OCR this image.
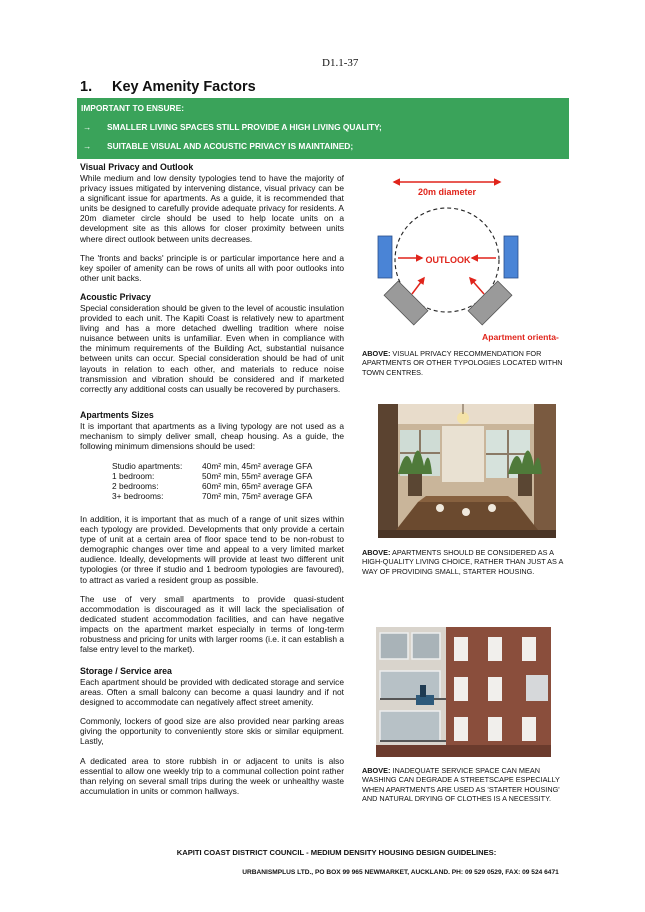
D1.1-37
1. Key Amenity Factors
IMPORTANT TO ENSURE:
→	SMALLER LIVING SPACES STILL PROVIDE A HIGH LIVING QUALITY;
→	SUITABLE VISUAL AND ACOUSTIC PRIVACY IS MAINTAINED;
Visual Privacy and Outlook

While medium and low density typologies tend to have the majority of privacy issues mitigated by intervening distance, visual privacy can be a significant issue for apartments. As a guide, it is recommended that units be designed to carefully provide adequate privacy for residents. A 20m diameter circle should be used to help locate units on a development site as this allows for closer proximity between units where direct outlook between units decreases.

The 'fronts and backs' principle is or particular importance here and a key spoiler of amenity can be rows of units all with poor outlooks into other unit backs.

Acoustic Privacy

Special consideration should be given to the level of acoustic insulation provided to each unit. The Kapiti Coast is relatively new to apartment living and has a more detached dwelling tradition where noise nuisance between units is unfamiliar. Even when in compliance with the minimum requirements of the Building Act, substantial nuisance between units can occur. Special consideration should be had of unit layouts in relation to each other, and materials to reduce noise transmission and vibration should be considered and if marketed correctly any additional costs can usually be recovered by purchasers.

Apartments Sizes

It is important that apartments as a living typology are not used as a mechanism to simply deliver small, cheap housing. As a guide, the following minimum dimensions should be used:

Studio apartments:	40m² min, 45m² average GFA
1 bedroom:	50m² min, 55m² average GFA
2 bedrooms:	60m² min, 65m² average GFA
3+ bedrooms:	70m² min, 75m² average GFA

In addition, it is important that as much of a range of unit sizes within each typology are provided. Developments that only provide a certain type of unit at a certain area of floor space tend to be non-robust to demographic changes over time and appeal to a very limited market audience. Ideally, developments will provide at least two different unit typologies (or three if studio and 1 bedroom typologies are favoured), to attract as varied a resident group as possible.

The use of very small apartments to provide quasi-student accommodation is discouraged as it will lack the specialisation of dedicated student accommodation facilities, and can have negative impacts on the apartment market especially in terms of long-term robustness and pricing for units with larger rooms (i.e. it can establish a false entry level to the market).

Storage / Service area

Each apartment should be provided with dedicated storage and service areas. Often a small balcony can become a quasi laundry and if not designed to accommodate can negatively affect street amenity.

Commonly, lockers of good size are also provided near parking areas giving the opportunity to conveniently store skis or similar equipment. Lastly,

A dedicated area to store rubbish in or adjacent to units is also essential to allow one weekly trip to a communal collection point rather than relying on several small trips during the week or unhealthy waste accumulation in units or common hallways.

20m diameter
OUTLOOK
Apartment orienta-
ABOVE: VISUAL PRIVACY RECOMMENDATION FOR APARTMENTS OR OTHER TYPOLOGIES LOCATED WITHN TOWN CENTRES.
ABOVE: APARTMENTS SHOULD BE CONSIDERED AS A HIGH-QUALITY LIVING CHOICE, RATHER THAN JUST AS A WAY OF PROVIDING SMALL, STARTER HOUSING.
ABOVE: INADEQUATE SERVICE SPACE CAN MEAN WASHING CAN DEGRADE A STREETSCAPE ESPECIALLY WHEN APARTMENTS ARE USED AS 'STARTER HOUSING' AND NATURAL DRYING OF CLOTHES IS A NECESSITY.
KAPITI COAST DISTRICT COUNCIL - MEDIUM DENSITY HOUSING DESIGN GUIDELINES:
URBANISMPLUS LTD., PO BOX 99 965 NEWMARKET, AUCKLAND. PH: 09 529 0529, FAX: 09 524 6471
